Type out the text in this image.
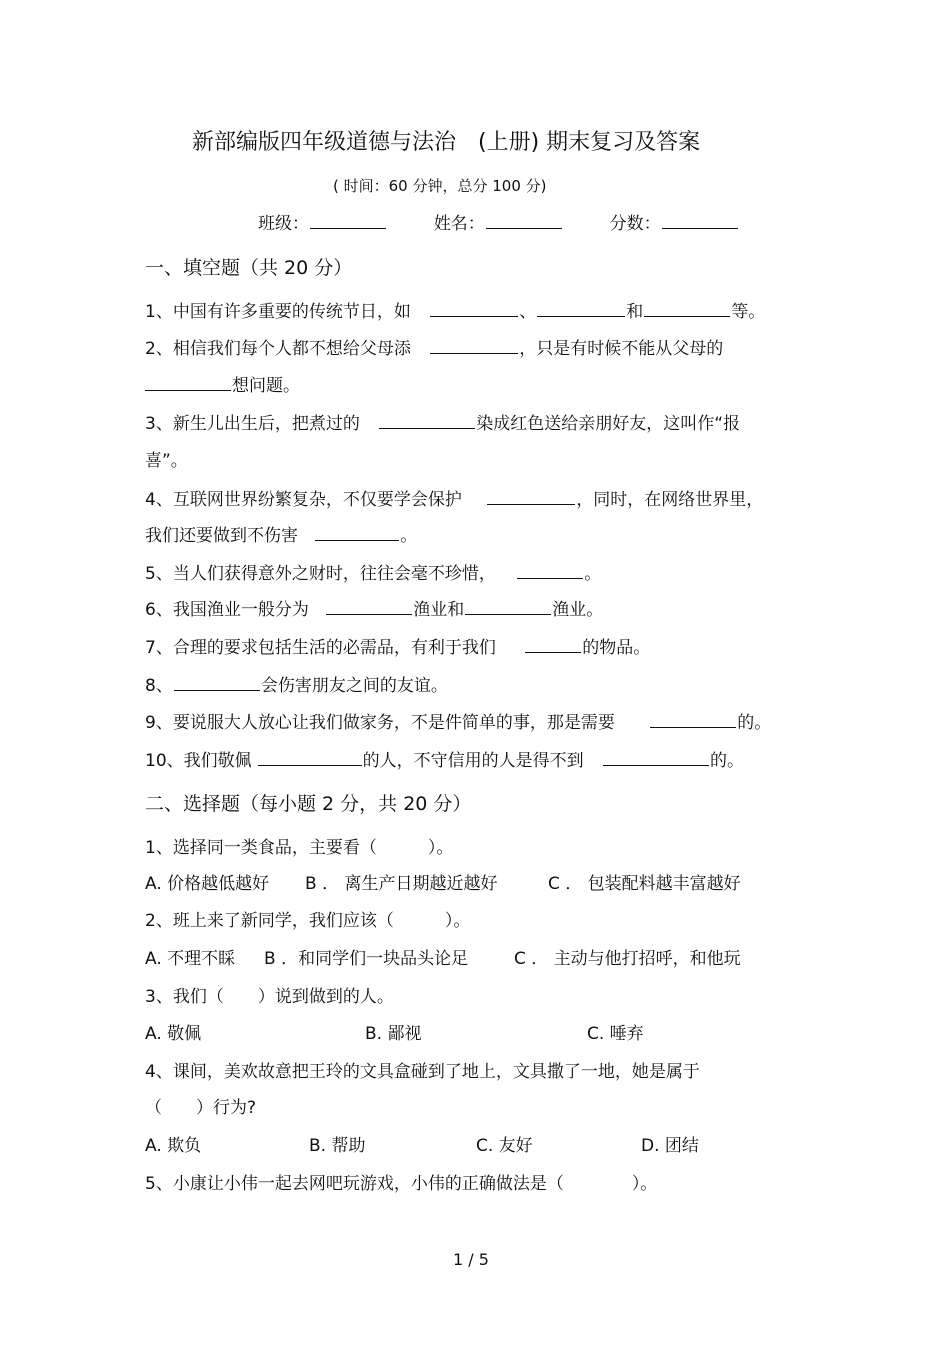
新部编版四年级道德与法治　(上册) 期末复习及答案
( 时间：60 分钟，总分 100 分)
班级：	姓名：	分数：
一、填空题（共 20 分）
1、中国有许多重要的传统节日，如	、	和	等。
2、相信我们每个人都不想给父母添	，只是有时候不能从父母的
想问题。
3、新生儿出生后，把煮过的	染成红色送给亲朋好友，这叫作“报
喜”。
4、互联网世界纷繁复杂，不仅要学会保护	，同时，在网络世界里，
我们还要做到不伤害	。
5、当人们获得意外之财时，往往会毫不珍惜，	。
6、我国渔业一般分为	渔业和	渔业。
7、合理的要求包括生活的必需品，有利于我们	的物品。
8、	会伤害朋友之间的友谊。
9、要说服大人放心让我们做家务，不是件简单的事，那是需要	的。
10、我们敬佩	的人，不守信用的人是得不到	的。
二、选择题（每小题 2 分，共 20 分）
1、选择同一类食品，主要看（　　　）。
A. 价格越低越好 B ． 离生产日期越近越好	C ． 包装配料越丰富越好
2、班上来了新同学，我们应该（　　　）。
A. 不理不睬 B ．和同学们一块品头论足	C ． 主动与他打招呼，和他玩
3、我们（　　）说到做到的人。
A. 敬佩	B. 鄙视	C. 唾弃
4、课间，美欢故意把王玲的文具盒碰到了地上，文具撒了一地，她是属于
（　　）行为?
A. 欺负	B. 帮助	C. 友好	D. 团结
5、小康让小伟一起去网吧玩游戏，小伟的正确做法是（　　　　）。
1 / 5
